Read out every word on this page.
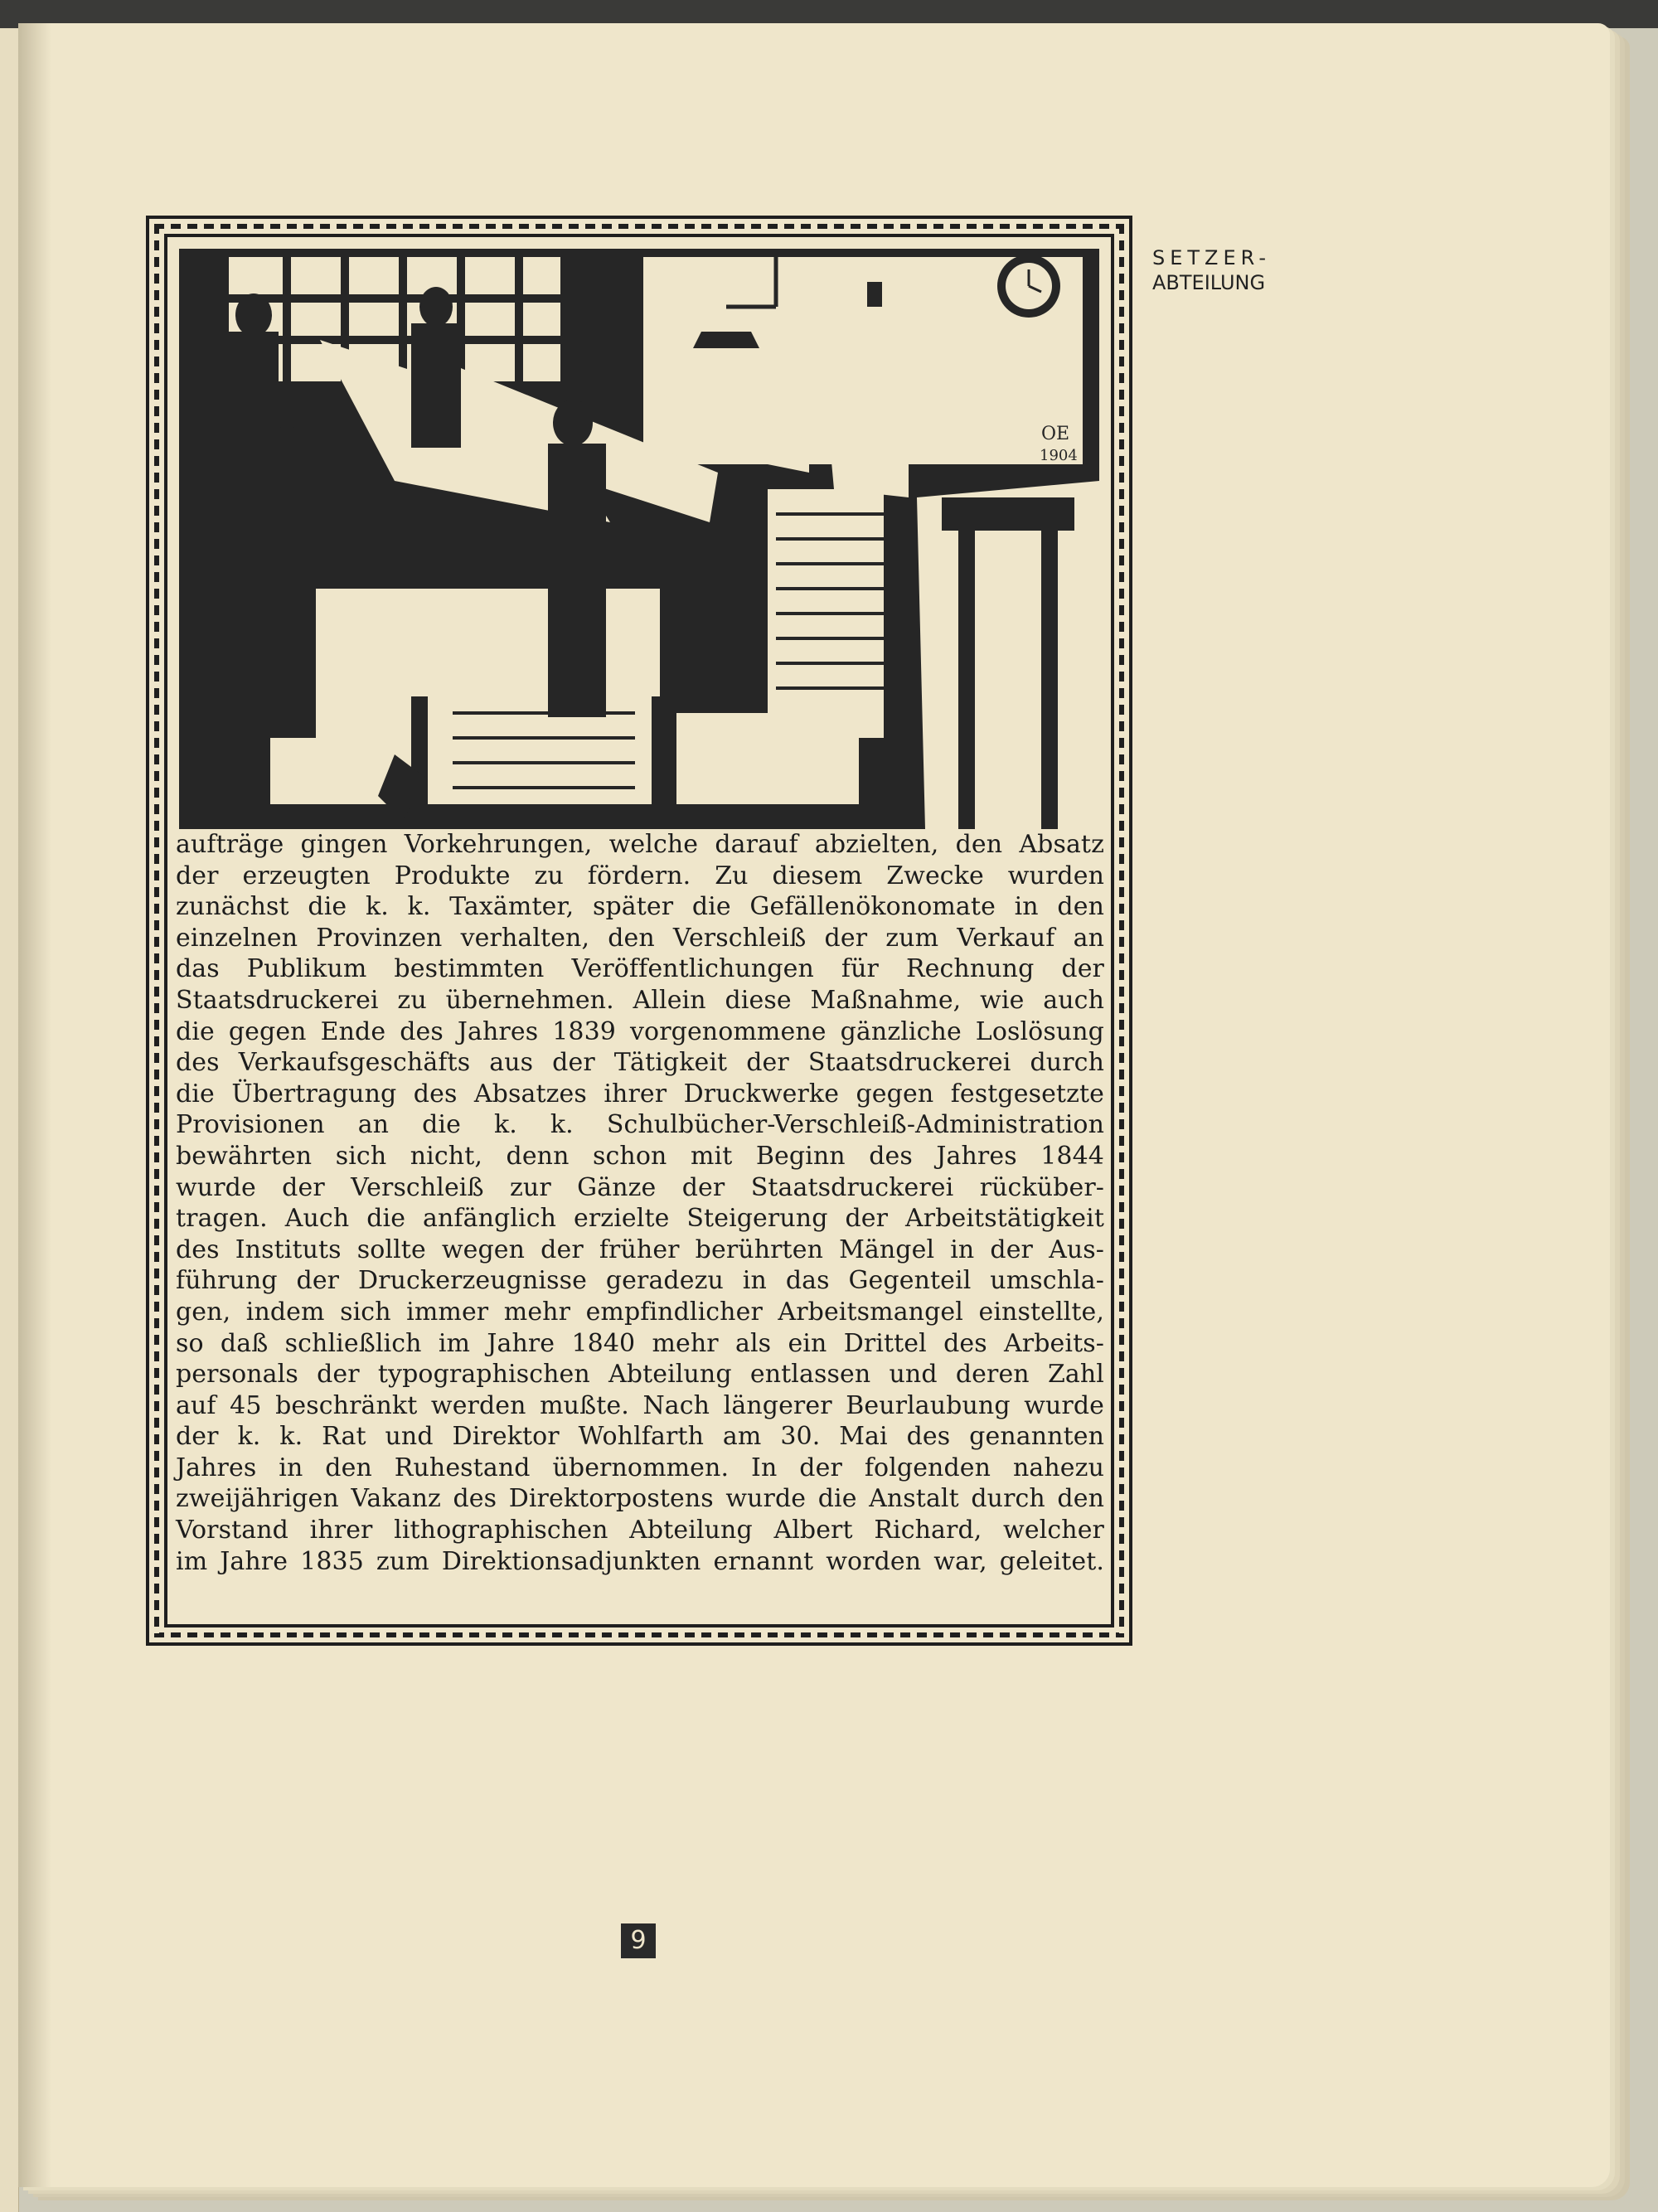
SETZER-
ABTEILUNG
OE
1904
aufträge gingen Vorkehrungen, welche darauf abzielten, den Absatz
der erzeugten Produkte zu fördern. Zu diesem Zwecke wurden
zunächst die k. k. Taxämter, später die Gefällenökonomate in den
einzelnen Provinzen verhalten, den Verschleiß der zum Verkauf an
das Publikum bestimmten Veröffentlichungen für Rechnung der
Staatsdruckerei zu übernehmen. Allein diese Maßnahme, wie auch
die gegen Ende des Jahres 1839 vorgenommene gänzliche Loslösung
des Verkaufsgeschäfts aus der Tätigkeit der Staatsdruckerei durch
die Übertragung des Absatzes ihrer Druckwerke gegen festgesetzte
Provisionen an die k. k. Schulbücher-Verschleiß-Administration
bewährten sich nicht, denn schon mit Beginn des Jahres 1844
wurde der Verschleiß zur Gänze der Staatsdruckerei rücküber-
tragen. Auch die anfänglich erzielte Steigerung der Arbeitstätigkeit
des Instituts sollte wegen der früher berührten Mängel in der Aus-
führung der Druckerzeugnisse geradezu in das Gegenteil umschla-
gen, indem sich immer mehr empfindlicher Arbeitsmangel einstellte,
so daß schließlich im Jahre 1840 mehr als ein Drittel des Arbeits-
personals der typographischen Abteilung entlassen und deren Zahl
auf 45 beschränkt werden mußte. Nach längerer Beurlaubung wurde
der k. k. Rat und Direktor Wohlfarth am 30. Mai des genannten
Jahres in den Ruhestand übernommen. In der folgenden nahezu
zweijährigen Vakanz des Direktorpostens wurde die Anstalt durch den
Vorstand ihrer lithographischen Abteilung Albert Richard, welcher
im Jahre 1835 zum Direktionsadjunkten ernannt worden war, geleitet.
9
